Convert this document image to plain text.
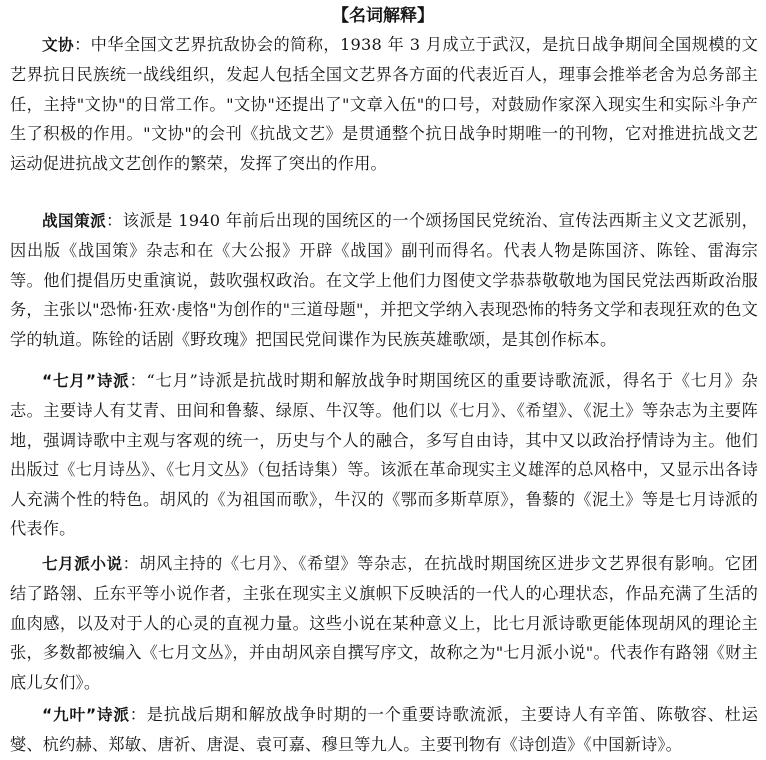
【名词解释】

文协：中华全国文艺界抗敌协会的简称，1938 年 3 月成立于武汉，是抗日战争期间全国规模的文艺界抗日民族统一战线组织，发起人包括全国文艺界各方面的代表近百人，理事会推举老舍为总务部主任，主持"文协"的日常工作。"文协"还提出了"文章入伍"的口号，对鼓励作家深入现实生和实际斗争产生了积极的作用。"文协"的会刊《抗战文艺》是贯通整个抗日战争时期唯一的刊物，它对推进抗战文艺运动促进抗战文艺创作的繁荣，发挥了突出的作用。

战国策派：该派是 1940 年前后出现的国统区的一个颂扬国民党统治、宣传法西斯主义文艺派别，因出版《战国策》杂志和在《大公报》开辟《战国》副刊而得名。代表人物是陈国济、陈铨、雷海宗等。他们提倡历史重演说，鼓吹强权政治。在文学上他们力图使文学恭恭敬敬地为国民党法西斯政治服务，主张以"恐怖·狂欢·虔恪"为创作的"三道母题"，并把文学纳入表现恐怖的特务文学和表现狂欢的色文学的轨道。陈铨的话剧《野玫瑰》把国民党间谍作为民族英雄歌颂，是其创作标本。

“七月”诗派：“七月”诗派是抗战时期和解放战争时期国统区的重要诗歌流派，得名于《七月》杂志。主要诗人有艾青、田间和鲁藜、绿原、牛汉等。他们以《七月》、《希望》、《泥土》等杂志为主要阵地，强调诗歌中主观与客观的统一，历史与个人的融合，多写自由诗，其中又以政治抒情诗为主。他们出版过《七月诗丛》、《七月文丛》（包括诗集）等。该派在革命现实主义雄浑的总风格中，又显示出各诗人充满个性的特色。胡风的《为祖国而歌》，牛汉的《鄂而多斯草原》，鲁藜的《泥土》等是七月诗派的代表作。

七月派小说：胡风主持的《七月》、《希望》等杂志，在抗战时期国统区进步文艺界很有影响。它团结了路翎、丘东平等小说作者，主张在现实主义旗帜下反映活的一代人的心理状态，作品充满了生活的血肉感，以及对于人的心灵的直视力量。这些小说在某种意义上，比七月派诗歌更能体现胡风的理论主张，多数都被编入《七月文丛》，并由胡风亲自撰写序文，故称之为"七月派小说"。代表作有路翎《财主底儿女们》。

“九叶”诗派：是抗战后期和解放战争时期的一个重要诗歌流派，主要诗人有辛笛、陈敬容、杜运燮、杭约赫、郑敏、唐祈、唐湜、袁可嘉、穆旦等九人。主要刊物有《诗创造》《中国新诗》。
